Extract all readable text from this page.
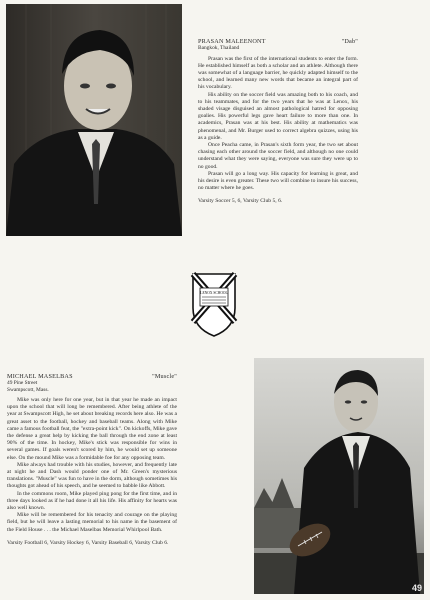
PRASAN MALEENONT	"Dab"
Bangkok, Thailand

Prasan was the first of the international students to enter the form. He established himself as both a scholar and an athlete. Although there was somewhat of a language barrier, he quickly adapted himself to the school, and learned many new words that became an integral part of his vocabulary.

His ability on the soccer field was amazing both to his coach, and to his teammates, and for the two years that he was at Lenox, his shaded visage disguised an almost pathological hatred for opposing goalies. His powerful legs gave heart failure to more than one. In academics, Prasan was at his best. His ability at mathematics was phenomenal, and Mr. Burger used to correct algebra quizzes, using his as a guide.

Once Peacha came, in Prasan's sixth form year, the two set about chasing each other around the soccer field, and although no one could understand what they were saying, everyone was sure they were up to no good.

Prasan will go a long way. His capacity for learning is great, and his desire is even greater. These two will combine to insure his success, no matter where he goes.

Varsity Soccer 5, 6, Varsity Club 5, 6.
LENOX SCHOOL
MICHAEL MASELBAS	"Muscle"
49 Pine Street
Swampscott, Mass.

Mike was only here for one year, but in that year he made an impact upon the school that will long be remembered. After being athlete of the year at Swampscott High, he set about breaking records here also. He was a great asset to the football, hockey and baseball teams. Along with Mike came a famous football feat, the "extra-point kick". On kickoffs, Mike gave the defense a great help by kicking the ball through the end zone at least 90% of the time. In hockey, Mike's stick was responsible for wins in several games. If goals weren't scored by him, he would set up someone else. On the mound Mike was a formidable foe for any opposing team.

Mike always had trouble with his studies, however, and frequently late at night he and Dash would ponder one of Mr. Green's mysterious translations. "Muscle" was fun to have in the dorm, although sometimes his thoughts got ahead of his speech, and he seemed to babble like Abbott.

In the commons room, Mike played ping pong for the first time, and in three days looked as if he had done it all his life. His affinity for hearts was also well known.

Mike will be remembered for his tenacity and courage on the playing field, but he will leave a lasting memorial to his name in the basement of the Field House . . . the Michael Maselbas Memorial Whirlpool Bath.

Varsity Football 6, Varsity Hockey 6, Varsity Baseball 6, Varsity Club 6.
49
